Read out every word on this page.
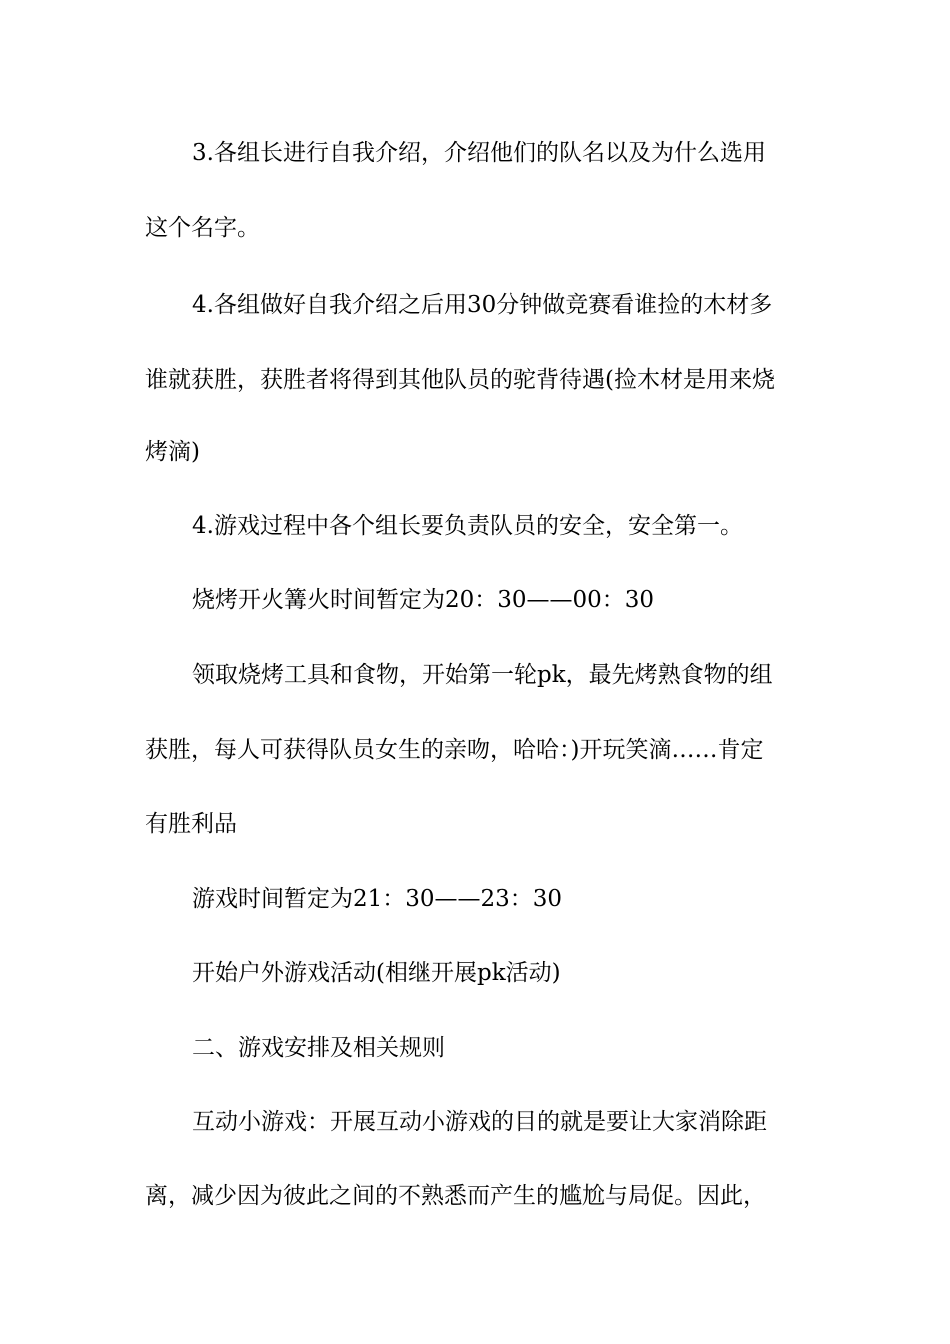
3.各组长进行自我介绍，介绍他们的队名以及为什么选用
这个名字。
4.各组做好自我介绍之后用30分钟做竞赛看谁捡的木材多
谁就获胜，获胜者将得到其他队员的驼背待遇(捡木材是用来烧
烤滴)
4.游戏过程中各个组长要负责队员的安全，安全第一。
烧烤开火篝火时间暂定为20：30——00：30
领取烧烤工具和食物，开始第一轮pk，最先烤熟食物的组
获胜，每人可获得队员女生的亲吻，哈哈：)开玩笑滴……肯定
有胜利品
游戏时间暂定为21：30——23：30
开始户外游戏活动(相继开展pk活动)
二、游戏安排及相关规则
互动小游戏：开展互动小游戏的目的就是要让大家消除距
离，减少因为彼此之间的不熟悉而产生的尴尬与局促。因此，
